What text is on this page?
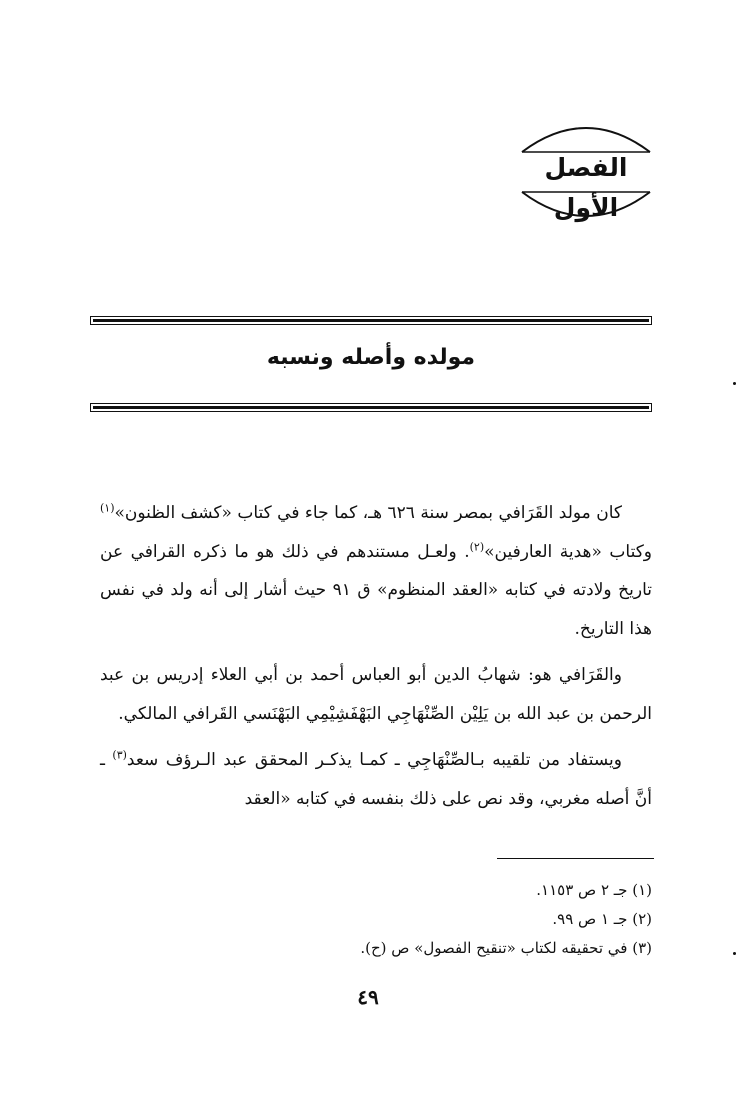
الفصل الأول
مولده وأصله ونسبه

كان مولد القَرَافي بمصر سنة ٦٢٦ هـ، كما جاء في كتاب «كشف الظنون»$^{(١)}$ وكتاب «هدية العارفين»$^{(٢)}$. ولعـل مستندهم في ذلك هو ما ذكره القرافي عن تاريخ ولادته في كتابه «العقد المنظوم» ق ٩١ حيث أشار إلى أنه ولد في نفس هذا التاريخ.

والقَرَافي هو: شهابُ الدين أبو العباس أحمد بن أبي العلاء إدريس بن عبد الرحمن بن عبد الله بن يَلِيْن الصِّنْهَاجِي البَهْفَشِيْمِي البَهْنَسي القَرافي المالكي.

ويستفاد من تلقيبه بـالصِّنْهَاجِي ـ كمـا يذكـر المحقق عبد الـرؤف سعد$^{(٣)}$ ـ أنَّ أصله مغربي، وقد نص على ذلك بنفسه في كتابه «العقد

(١) جـ ٢ ص ١١٥٣.

(٢) جـ ١ ص ٩٩.

(٣) في تحقيقه لكتاب «تنقيح الفصول» ص (ح).

٤٩
